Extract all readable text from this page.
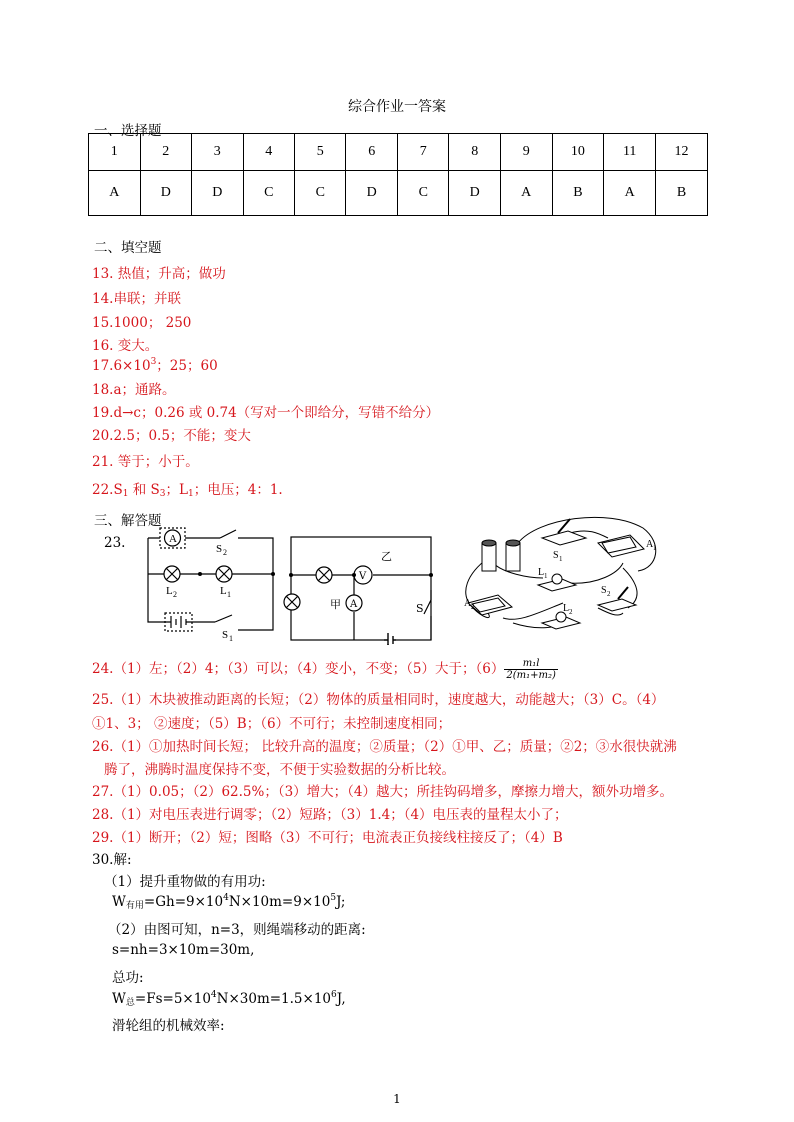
综合作业一答案
一、选择题
1	2	3	4	5	6	7	8	9	10	11	12
A	D	D	C	C	D	C	D	A	B	A	B
二、填空题
13. 热值；升高；做功
14.串联；并联
15.1000； 250
16. 变大。
$17.6\times 10^3$；25；60
18.a；通路。
19.d→c；0.26 或 0.74（写对一个即给分，写错不给分）
20.2.5；0.5；不能；变大
21. 等于；小于。
$22.S_1$ 和 $S_3$；$L_1$；电压；4：1.
三、解答题
23.	A
S 2
L 2	L 1
S 1
乙
V
甲 A	S
A 1
S 1
L 1
A 2
S 2
L 2
24.（1）左；（2）4；（3）可以；（4）变小，不变；（5）大于；$(6) \frac{\text{m₁l}}{\text{2(m₁+m₂)}}$
25.（1）木块被推动距离的长短；（2）物体的质量相同时，速度越大，动能越大；（3）C。（4）
①1、3； ②速度；（5）B；（6）不可行；未控制速度相同；
26.（1）①加热时间长短； 比较升高的温度；②质量；（2）①甲、乙；质量；②2；③水很快就沸
腾了，沸腾时温度保持不变，不便于实验数据的分析比较。
27.（1）0.05；（2）62.5%；（3）增大；（4）越大；所挂钩码增多，摩擦力增大，额外功增多。
28.（1）对电压表进行调零；（2）短路；（3）1.4；（4）电压表的量程太小了；
29.（1）断开；（2）短；图略（3）不可行；电流表正负接线柱接反了；（4）B
30.解:
（1）提升重物做的有用功:
$W_{有用}=Gh=9\times 10^4N\times 10m=9\times 10^5J$;
（2）由图可知，n=3，则绳端移动的距离:
s=nh=3×10m=30m,
总功:
$W_总=Fs=5\times 10^4N\times 30m=1.5\times 10^6J$,
滑轮组的机械效率:
1
